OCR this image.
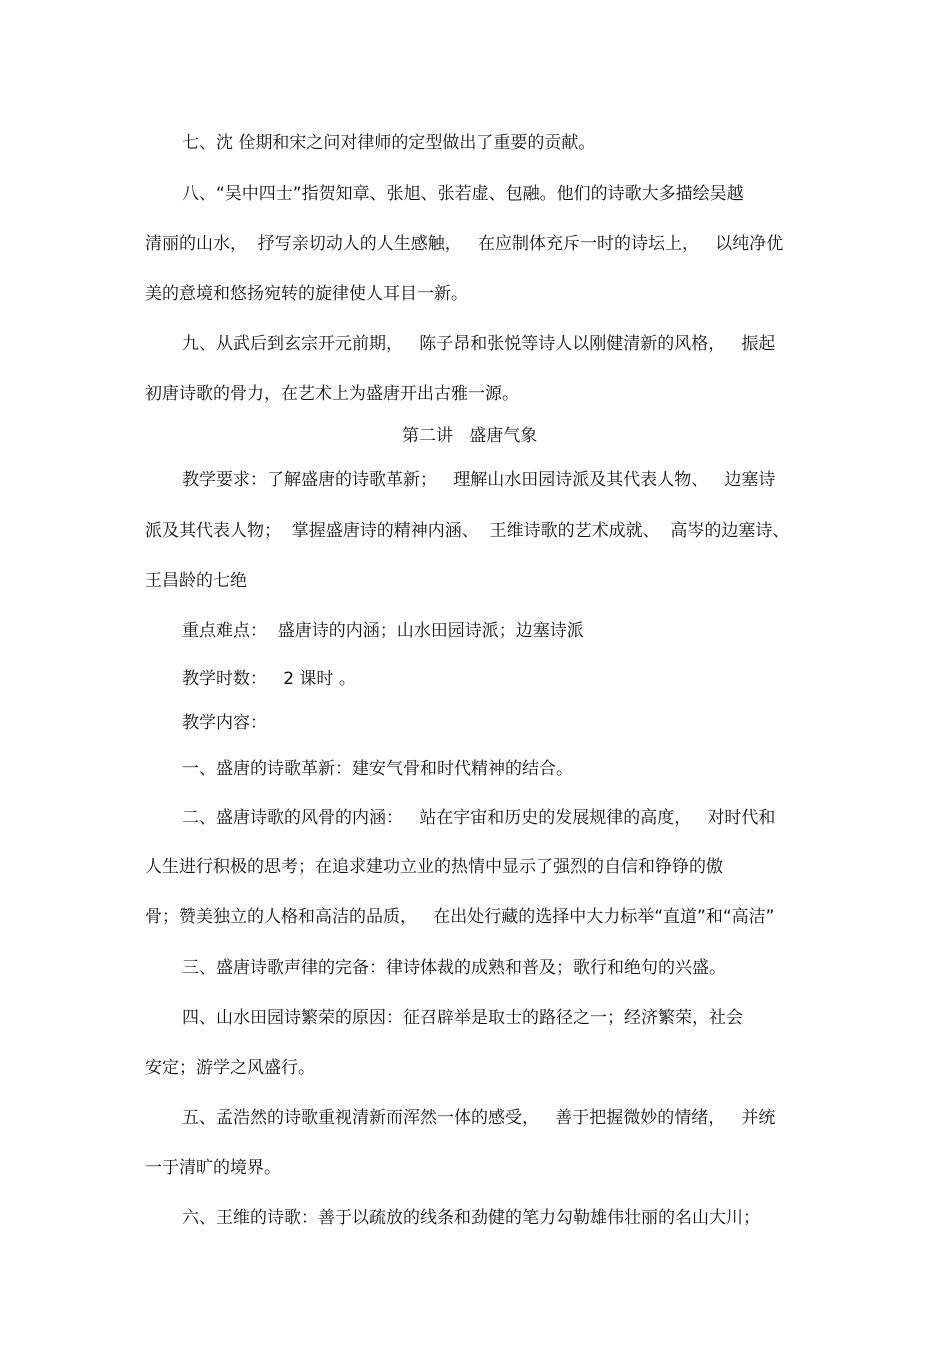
七、沈 佺期和宋之问对律师的定型做出了重要的贡献。
八、“吴中四士”指贺知章、张旭、张若虚、包融。他们的诗歌大多描绘吴越
清丽的山水，  抒写亲切动人的人生感触，   在应制体充斥一时的诗坛上，   以纯净优
美的意境和悠扬宛转的旋律使人耳目一新。
九、从武后到玄宗开元前期，   陈子昂和张悦等诗人以刚健清新的风格，   振起
初唐诗歌的骨力，在艺术上为盛唐开出古雅一源。
第二讲   盛唐气象
教学要求：了解盛唐的诗歌革新；   理解山水田园诗派及其代表人物、   边塞诗
派及其代表人物；  掌握盛唐诗的精神内涵、  王维诗歌的艺术成就、  高岑的边塞诗、
王昌龄的七绝
重点难点：  盛唐诗的内涵；山水田园诗派；边塞诗派
教学时数：   2 课时 。
教学内容：
一、盛唐的诗歌革新：建安气骨和时代精神的结合。
二、盛唐诗歌的风骨的内涵：   站在宇宙和历史的发展规律的高度，   对时代和
人生进行积极的思考；在追求建功立业的热情中显示了强烈的自信和铮铮的傲
骨；赞美独立的人格和高洁的品质，   在出处行藏的选择中大力标举“直道”和“高洁”
三、盛唐诗歌声律的完备：律诗体裁的成熟和普及；歌行和绝句的兴盛。
四、山水田园诗繁荣的原因：征召辟举是取士的路径之一；经济繁荣，社会
安定；游学之风盛行。
五、孟浩然的诗歌重视清新而浑然一体的感受，   善于把握微妙的情绪，   并统
一于清旷的境界。
六、王维的诗歌：善于以疏放的线条和劲健的笔力勾勒雄伟壮丽的名山大川；
